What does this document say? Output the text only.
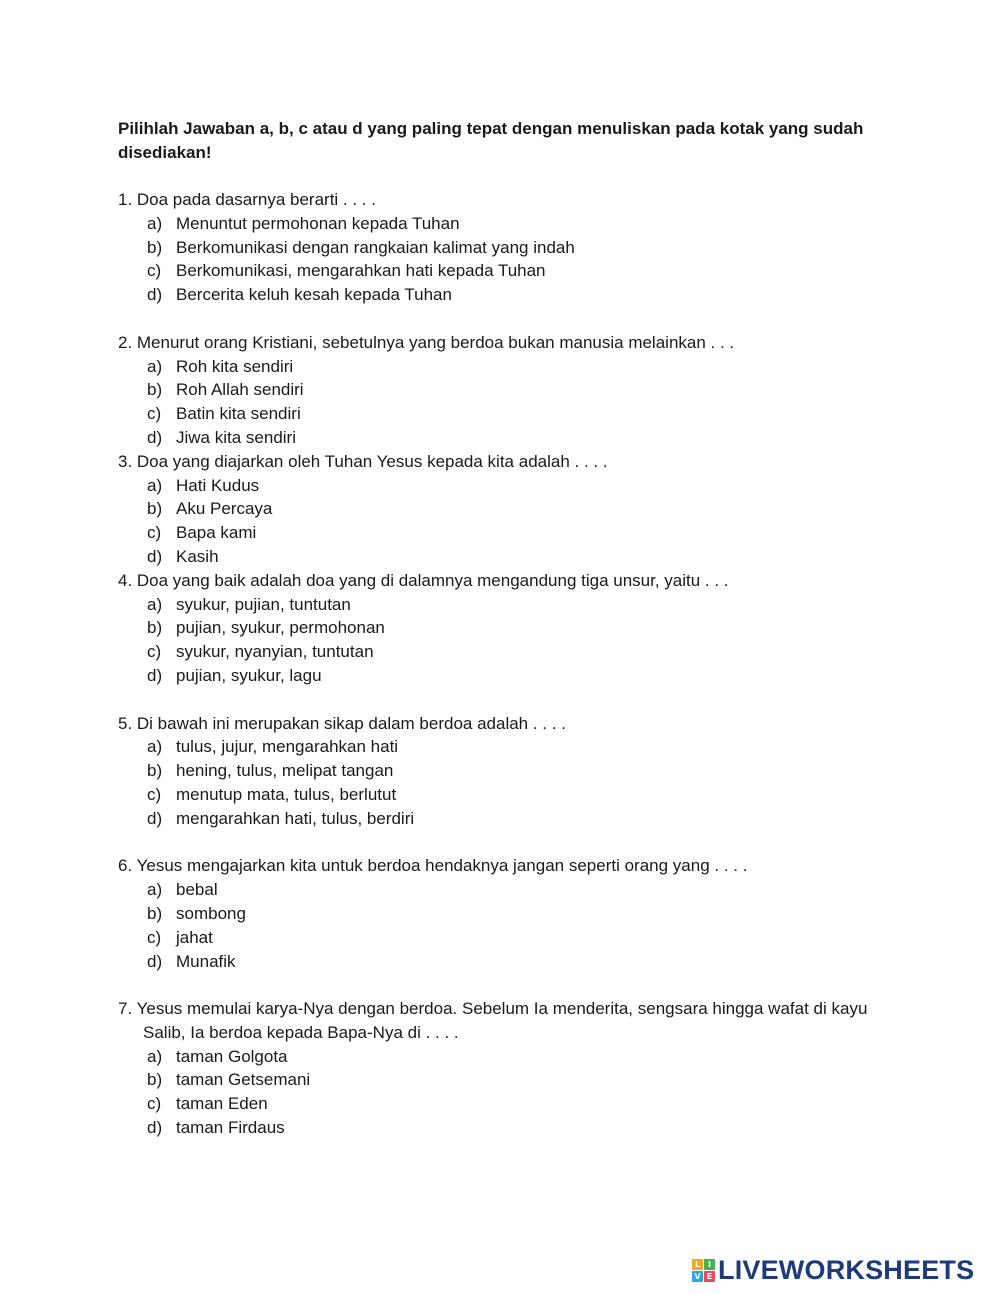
Pilihlah Jawaban a, b, c atau d yang paling tepat dengan menuliskan pada kotak yang sudah disediakan!

1. Doa pada dasarnya berarti . . . .
a) Menuntut permohonan kepada Tuhan
b) Berkomunikasi dengan rangkaian kalimat yang indah
c) Berkomunikasi, mengarahkan hati kepada Tuhan
d) Bercerita keluh kesah kepada Tuhan
2. Menurut orang Kristiani, sebetulnya yang berdoa bukan manusia melainkan . . .
a) Roh kita sendiri
b) Roh Allah sendiri
c) Batin kita sendiri
d) Jiwa kita sendiri
3. Doa yang diajarkan oleh Tuhan Yesus kepada kita adalah . . . .
a) Hati Kudus
b) Aku Percaya
c) Bapa kami
d) Kasih
4. Doa yang baik adalah doa yang di dalamnya mengandung tiga unsur, yaitu . . .
a) syukur, pujian, tuntutan
b) pujian, syukur, permohonan
c) syukur, nyanyian, tuntutan
d) pujian, syukur, lagu
5. Di bawah ini merupakan sikap dalam berdoa adalah . . . .
a) tulus, jujur, mengarahkan hati
b) hening, tulus, melipat tangan
c) menutup mata, tulus, berlutut
d) mengarahkan hati, tulus, berdiri
6. Yesus mengajarkan kita untuk berdoa hendaknya jangan seperti orang yang . . . .
a) bebal
b) sombong
c) jahat
d) Munafik
7. Yesus memulai karya-Nya dengan berdoa. Sebelum Ia menderita, sengsara hingga wafat di kayu Salib, Ia berdoa kepada Bapa-Nya di . . . .
a) taman Golgota
b) taman Getsemani
c) taman Eden
d) taman Firdaus
L I
V E LIVEWORKSHEETS
